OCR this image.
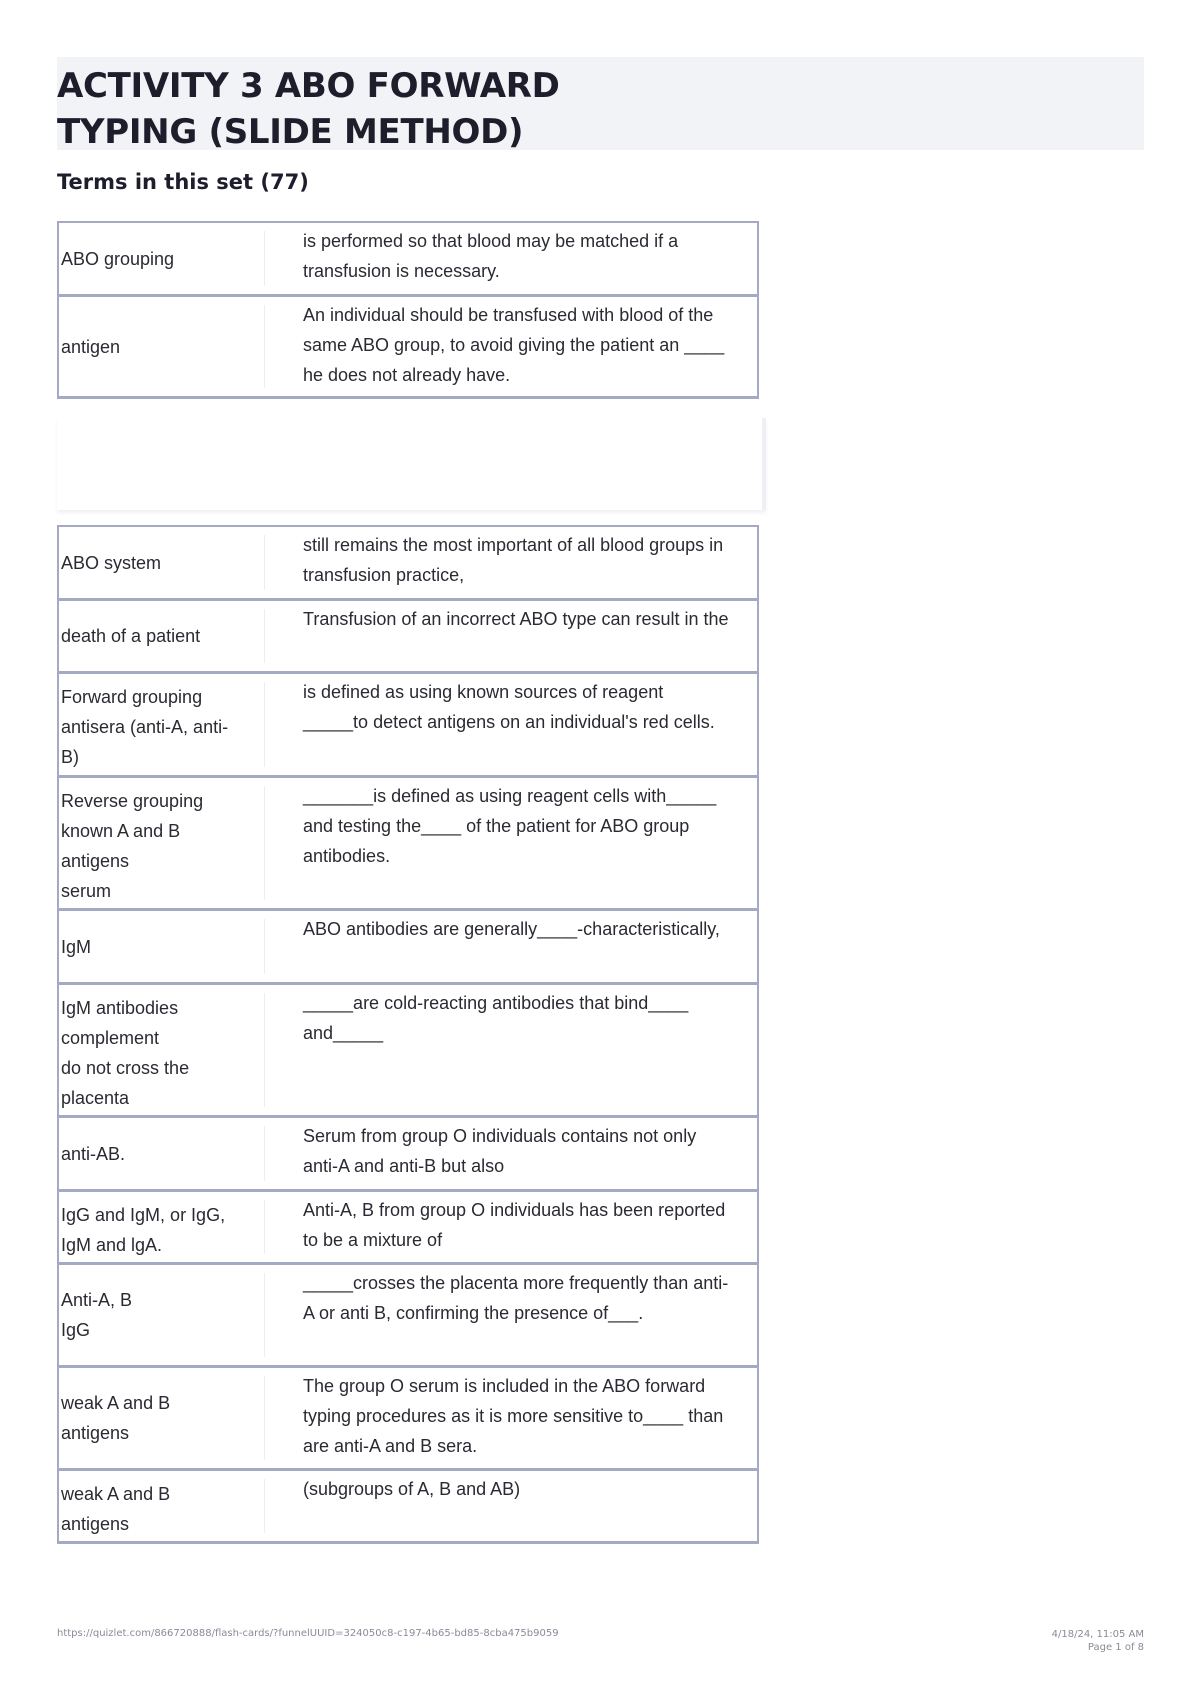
ACTIVITY 3 ABO FORWARD
TYPING (SLIDE METHOD)
Terms in this set (77)
ABO grouping
is performed so that blood may be matched if a transfusion is necessary.
antigen
An individual should be transfused with blood of the same ABO group, to avoid giving the patient an ____ he does not already have.
ABO system
still remains the most important of all blood groups in transfusion practice,
death of a patient
Transfusion of an incorrect ABO type can result in the
Forward grouping
antisera (anti-A, anti-
B)
is defined as using known sources of reagent _____to detect antigens on an individual's red cells.
Reverse grouping
known A and B
antigens
serum
_______is defined as using reagent cells with_____ and testing the____ of the patient for ABO group antibodies.
IgM
ABO antibodies are generally____-characteristically,
IgM antibodies
complement
do not cross the
placenta
_____are cold-reacting antibodies that bind____ and_____
anti-AB.
Serum from group O individuals contains not only anti-A and anti-B but also
IgG and IgM, or IgG,
IgM and lgA.
Anti-A, B from group O individuals has been reported to be a mixture of
Anti-A, B
IgG
_____crosses the placenta more frequently than anti-A or anti B, confirming the presence of___.
weak A and B
antigens
The group O serum is included in the ABO forward typing procedures as it is more sensitive to____ than are anti-A and B sera.
weak A and B
antigens
(subgroups of A, B and AB)
https://quizlet.com/866720888/flash-cards/?funnelUUID=324050c8-c197-4b65-bd85-8cba475b9059	4/18/24, 11:05 AM
Page 1 of 8
